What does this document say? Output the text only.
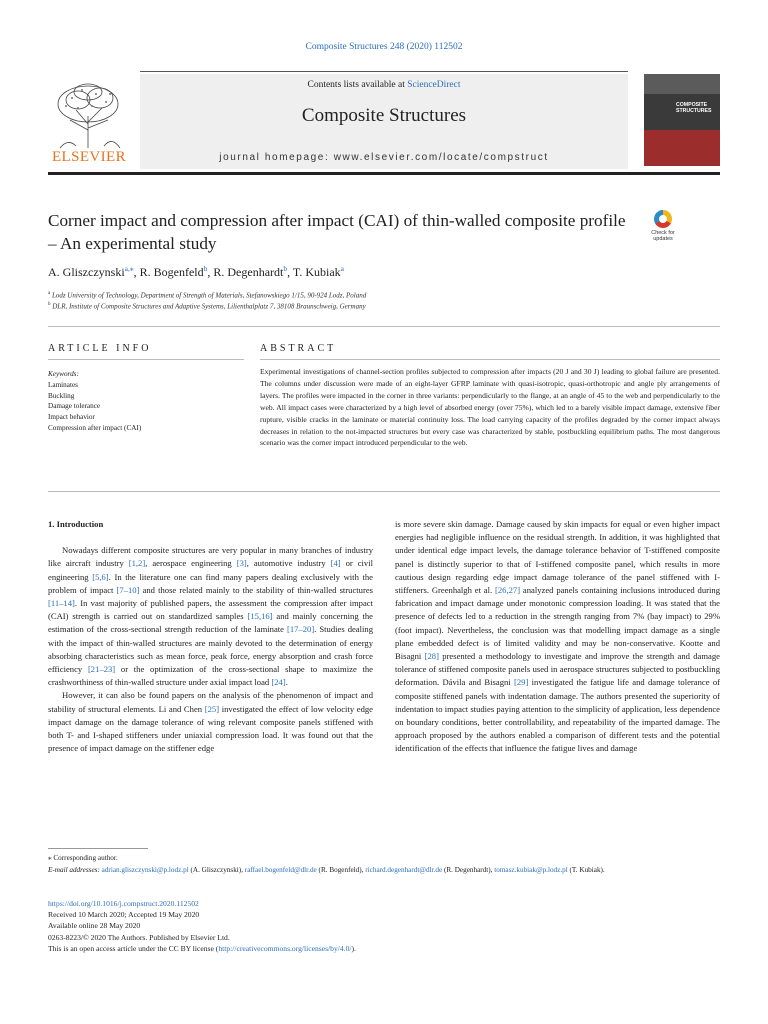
Composite Structures 248 (2020) 112502
ELSEVIER
Contents lists available at ScienceDirect
Composite Structures
journal homepage: www.elsevier.com/locate/compstruct
COMPOSITE
STRUCTURES
Corner impact and compression after impact (CAI) of thin-walled composite profile – An experimental study
Check for
updates
A. Gliszczynski$^{a,⁎}$, R. Bogenfeld$^b$, R. Degenhardt$^b$, T. Kubiak$^a$
$^a$ Lodz University of Technology, Department of Strength of Materials, Stefanowskiego 1/15, 90-924 Lodz, Poland
$^b$ DLR, Institute of Composite Structures and Adaptive Systems, Lilienthalplatz 7, 38108 Braunschweig, Germany
ARTICLE INFO	ABSTRACT
Keywords:
Laminates
Buckling
Damage tolerance
Impact behavior
Compression after impact (CAI)
Experimental investigations of channel-section profiles subjected to compression after impacts (20 J and 30 J) leading to global failure are presented. The columns under discussion were made of an eight-layer GFRP laminate with quasi-isotropic, quasi-orthotropic and angle ply arrangements of layers. The profiles were impacted in the corner in three variants: perpendicularly to the flange, at an angle of 45 to the web and perpendicularly to the web. All impact cases were characterized by a high level of absorbed energy (over 75%), which led to a barely visible impact damage, extensive fiber rupture, visible cracks in the laminate or material continuity loss. The load carrying capacity of the profiles degraded by the corner impact always decreases in relation to the not-impacted structures but every case was characterized by stable, postbuckling equilibrium paths. The most dangerous scenario was the corner impact introduced perpendicular to the web.
1. Introduction

Nowadays different composite structures are very popular in many branches of industry like aircraft industry [1,2], aerospace engineering [3], automotive industry [4] or civil engineering [5,6]. In the literature one can find many papers dealing exclusively with the problem of impact [7–10] and those related mainly to the stability of thin-walled structures [11–14]. In vast majority of published papers, the assessment the compression after impact (CAI) strength is carried out on standardized samples [15,16] and mainly concerning the estimation of the cross-sectional strength reduction of the laminate [17–20]. Studies dealing with the impact of thin-walled structures are mainly devoted to the determination of energy absorbing characteristics such as mean force, peak force, energy absorption and crash force efficiency [21–23] or the optimization of the cross-sectional shape to maximize the crashworthiness of thin-walled structure under axial impact load [24].

However, it can also be found papers on the analysis of the phenomenon of impact and stability of structural elements. Li and Chen [25] investigated the effect of low velocity edge impact damage on the damage tolerance of wing relevant composite panels stiffened with both T- and I-shaped stiffeners under uniaxial compression load. It was found out that the presence of impact damage on the stiffener edge

is more severe skin damage. Damage caused by skin impacts for equal or even higher impact energies had negligible influence on the residual strength. In addition, it was highlighted that under identical edge impact levels, the damage tolerance behavior of T-stiffened composite panel is distinctly superior to that of I-stiffened composite panel, which results in more cautious design regarding edge impact damage tolerance of the panel stiffened with I-stiffeners. Greenhalgh et al. [26,27] analyzed panels containing inclusions introduced during fabrication and impact damage under monotonic compression loading. It was stated that the presence of defects led to a reduction in the strength ranging from 7% (bay impact) to 29% (foot impact). Nevertheless, the conclusion was that modelling impact damage as a single plane embedded defect is of limited validity and may be non-conservative. Kootte and Bisagni [28] presented a methodology to investigate and improve the strength and damage tolerance of stiffened composite panels used in aerospace structures subjected to postbuckling deformation. Dávila and Bisagni [29] investigated the fatigue life and damage tolerance of composite stiffened panels with indentation damage. The authors presented the superiority of indentation to impact studies paying attention to the simplicity of application, less dependence on boundary conditions, better controllability, and repeatability of the imparted damage. The approach proposed by the authors enabled a comparison of different tests and the potential identification of the effects that influence the fatigue lives and damage

⁎ Corresponding author.
E-mail addresses: adrian.gliszczynski@p.lodz.pl (A. Gliszczynski), raffael.bogenfeld@dlr.de (R. Bogenfeld), richard.degenhardt@dlr.de (R. Degenhardt), tomasz.kubiak@p.lodz.pl (T. Kubiak).
https://doi.org/10.1016/j.compstruct.2020.112502
Received 10 March 2020; Accepted 19 May 2020
Available online 28 May 2020
0263-8223/© 2020 The Authors. Published by Elsevier Ltd.
This is an open access article under the CC BY license (http://creativecommons.org/licenses/by/4.0/).
